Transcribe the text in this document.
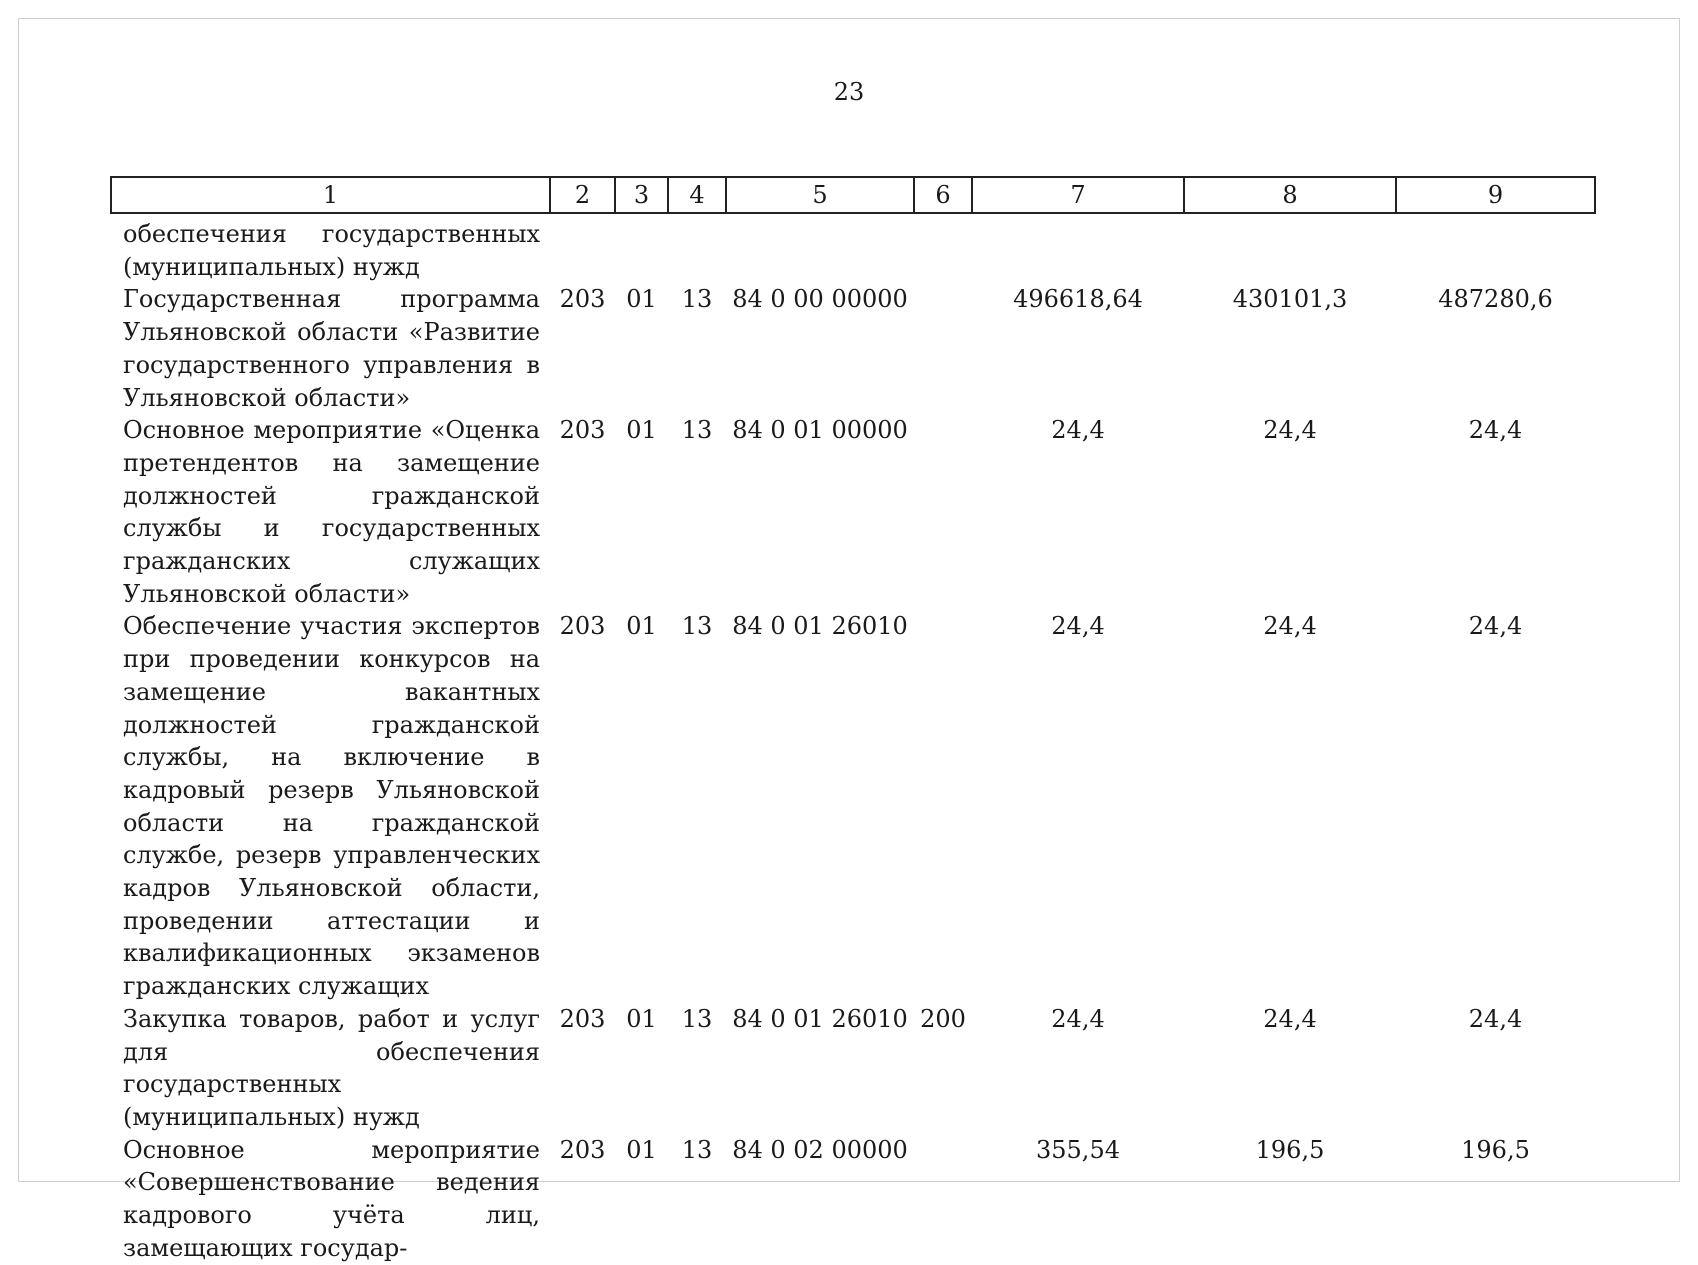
23
1	2	3	4	5	6	7	8	9
обеспечения государственных (муниципальных) нужд								
Государственная программа Ульяновской области «Развитие государственного управления в Ульяновской области»	203	01	13	84 0 00 00000		496618,64	430101,3	487280,6
Основное мероприятие «Оценка претендентов на замещение должностей гражданской службы и государственных гражданских служащих Ульяновской области»	203	01	13	84 0 01 00000		24,4	24,4	24,4
Обеспечение участия экспертов при проведении конкурсов на замещение вакантных должностей гражданской службы, на включение в кадровый резерв Ульяновской области на гражданской службе, резерв управленческих кадров Ульяновской области, проведении аттестации и квалификационных экзаменов гражданских служащих	203	01	13	84 0 01 26010		24,4	24,4	24,4
Закупка товаров, работ и услуг для обеспечения государственных (муниципальных) нужд	203	01	13	84 0 01 26010	200	24,4	24,4	24,4
Основное мероприятие «Совершенствование ведения кадрового учёта лиц, замещающих государ-	203	01	13	84 0 02 00000		355,54	196,5	196,5
